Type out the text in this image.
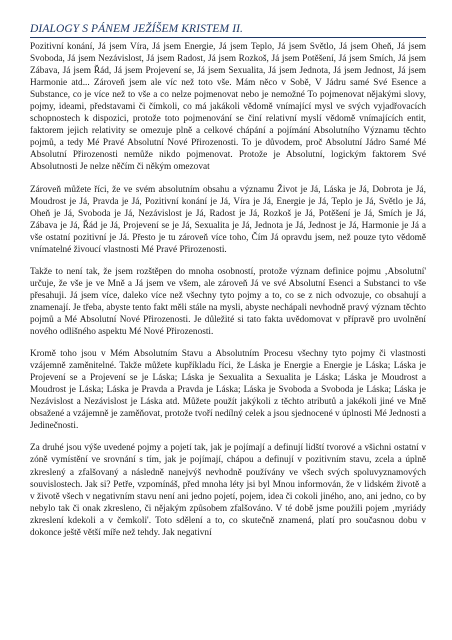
DIALOGY S PÁNEM JEŽÍŠEM KRISTEM II.

Pozitivní konání, Já jsem Víra, Já jsem Energie, Já jsem Teplo, Já jsem Světlo, Já jsem Oheň, Já jsem Svoboda, Já jsem Nezávislost, Já jsem Radost, Já jsem Rozkoš, Já jsem Potěšení, Já jsem Smích, Já jsem Zábava, Já jsem Řád, Já jsem Projevení se, Já jsem Sexualita, Já jsem Jednota, Já jsem Jednost, Já jsem Harmonie atd... Zároveň jsem ale víc než toto vše. Mám něco v Sobě, V Jádru samé Své Esence a Substance, co je více než to vše a co nelze pojmenovat nebo je nemožné To pojmenovat nějakými slovy, pojmy, ideami, představami či čímkoli, co má jakákoli vědomě vnímající mysl ve svých vyjadřovacích schopnostech k dispozici, protože toto pojmenování se činí relativní myslí vědomě vnímajících entit, faktorem jejich relativity se omezuje plně a celkové chápání a pojímání Absolutního Významu těchto pojmů, a tedy Mé Pravé Absolutní Nové Přirozenosti. To je důvodem, proč Absolutní Jádro Samé Mé Absolutní Přirozenosti nemůže nikdo pojmenovat. Protože je Absolutní, logickým faktorem Své Absolutnosti Je nelze něčím či někým omezovat

Zároveň můžete říci, že ve svém absolutním obsahu a významu Život je Já, Láska je Já, Dobrota je Já, Moudrost je Já, Pravda je Já, Pozitivní konání je Já, Víra je Já, Energie je Já, Teplo je Já, Světlo je Já, Oheň je Já, Svoboda je Já, Nezávislost je Já, Radost je Já, Rozkoš je Já, Potěšení je Já, Smích je Já, Zábava je Já, Řád je Já, Projevení se je Já, Sexualita je Já, Jednota je Já, Jednost je Já, Harmonie je Já a vše ostatní pozitivní je Já. Přesto je tu zároveň více toho, Čím Já opravdu jsem, než pouze tyto vědomě vnímatelné živoucí vlastnosti Mé Pravé Přirozenosti.

Takže to není tak, že jsem rozštěpen do mnoha osobností, protože význam definice pojmu ‚Absolutní' určuje, že vše je ve Mně a Já jsem ve všem, ale zároveň Já ve své Absolutní Esenci a Substanci to vše přesahuji. Já jsem více, daleko více než všechny tyto pojmy a to, co se z nich odvozuje, co obsahují a znamenají. Je třeba, abyste tento fakt měli stále na mysli, abyste nechápali nevhodně pravý význam těchto pojmů a Mé Absolutní Nové Přirozenosti. Je důležité si tato fakta uvědomovat v přípravě pro uvolnění nového odlišného aspektu Mé Nové Přirozenosti.

Kromě toho jsou v Mém Absolutním Stavu a Absolutním Procesu všechny tyto pojmy či vlastnosti vzájemně zaměnitelné. Takže můžete kupříkladu říci, že Láska je Energie a Energie je Láska; Láska je Projevení se a Projevení se je Láska; Láska je Sexualita a Sexualita je Láska; Láska je Moudrost a Moudrost je Láska; Láska je Pravda a Pravda je Láska; Láska je Svoboda a Svoboda je Láska; Láska je Nezávislost a Nezávislost je Láska atd. Můžete použít jakýkoli z těchto atributů a jakékoli jiné ve Mně obsažené a vzájemně je zaměňovat, protože tvoří nedílný celek a jsou sjednocené v úplnosti Mé Jednosti a Jedinečnosti.

Za druhé jsou výše uvedené pojmy a pojetí tak, jak je pojímají a definují lidští tvorové a všichni ostatní v zóně vymístění ve srovnání s tím, jak je pojímají, chápou a definují v pozitivním stavu, zcela a úplně zkreslený a zfalšovaný a následně nanejvýš nevhodně používány ve všech svých spoluvyznamových souvislostech. Jak si? Petře, vzpomínáš, před mnoha léty jsi byl Mnou informován, že v lidském životě a v životě všech v negativním stavu není ani jedno pojetí, pojem, idea či cokoli jiného, ano, ani jedno, co by nebylo tak či onak zkresleno, či nějakým způsobem zfalšováno. V té době jsme použili pojem ‚myriády zkreslení kdekoli a v čemkoli'. Toto sdělení a to, co skutečně znamená, platí pro současnou dobu v dokonce ještě větší míře než tehdy. Jak negativní
